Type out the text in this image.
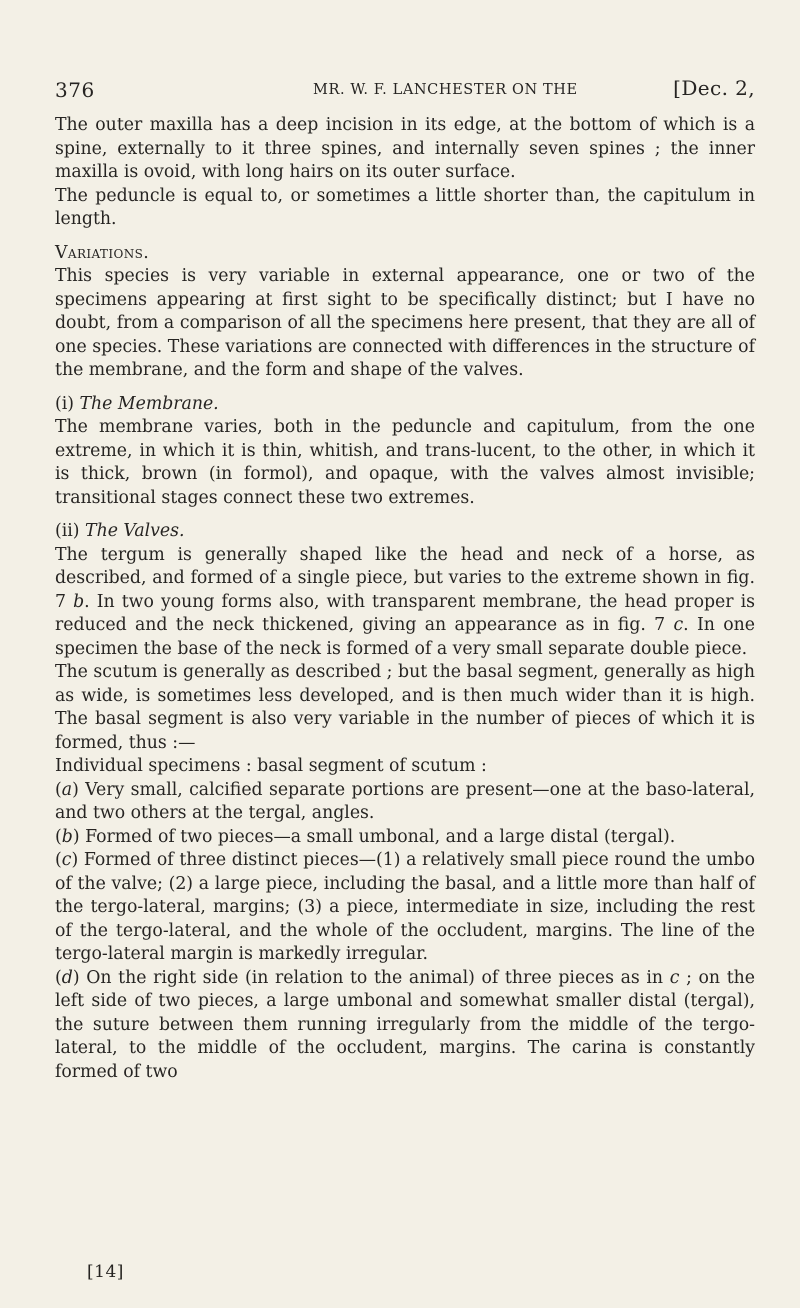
376	MR. W. F. LANCHESTER ON THE	[Dec. 2,

The outer maxilla has a deep incision in its edge, at the bottom of which is a spine, externally to it three spines, and internally seven spines ; the inner maxilla is ovoid, with long hairs on its outer surface.

The peduncle is equal to, or sometimes a little shorter than, the capitulum in length.

Variations.

This species is very variable in external appearance, one or two of the specimens appearing at first sight to be specifically distinct; but I have no doubt, from a comparison of all the specimens here present, that they are all of one species. These variations are connected with differences in the structure of the membrane, and the form and shape of the valves.

(i) The Membrane.

The membrane varies, both in the peduncle and capitulum, from the one extreme, in which it is thin, whitish, and trans-lucent, to the other, in which it is thick, brown (in formol), and opaque, with the valves almost invisible; transitional stages connect these two extremes.

(ii) The Valves.

The tergum is generally shaped like the head and neck of a horse, as described, and formed of a single piece, but varies to the extreme shown in fig. 7 b. In two young forms also, with transparent membrane, the head proper is reduced and the neck thickened, giving an appearance as in fig. 7 c. In one specimen the base of the neck is formed of a very small separate double piece.

The scutum is generally as described ; but the basal segment, generally as high as wide, is sometimes less developed, and is then much wider than it is high. The basal segment is also very variable in the number of pieces of which it is formed, thus :—

Individual specimens : basal segment of scutum :

(a) Very small, calcified separate portions are present—one at the baso-lateral, and two others at the tergal, angles.

(b) Formed of two pieces—a small umbonal, and a large distal (tergal).

(c) Formed of three distinct pieces—(1) a relatively small piece round the umbo of the valve; (2) a large piece, including the basal, and a little more than half of the tergo-lateral, margins; (3) a piece, intermediate in size, including the rest of the tergo-lateral, and the whole of the occludent, margins. The line of the tergo-lateral margin is markedly irregular.

(d) On the right side (in relation to the animal) of three pieces as in c ; on the left side of two pieces, a large umbonal and somewhat smaller distal (tergal), the suture between them running irregularly from the middle of the tergo-lateral, to the middle of the occludent, margins. The carina is constantly formed of two

[14]
